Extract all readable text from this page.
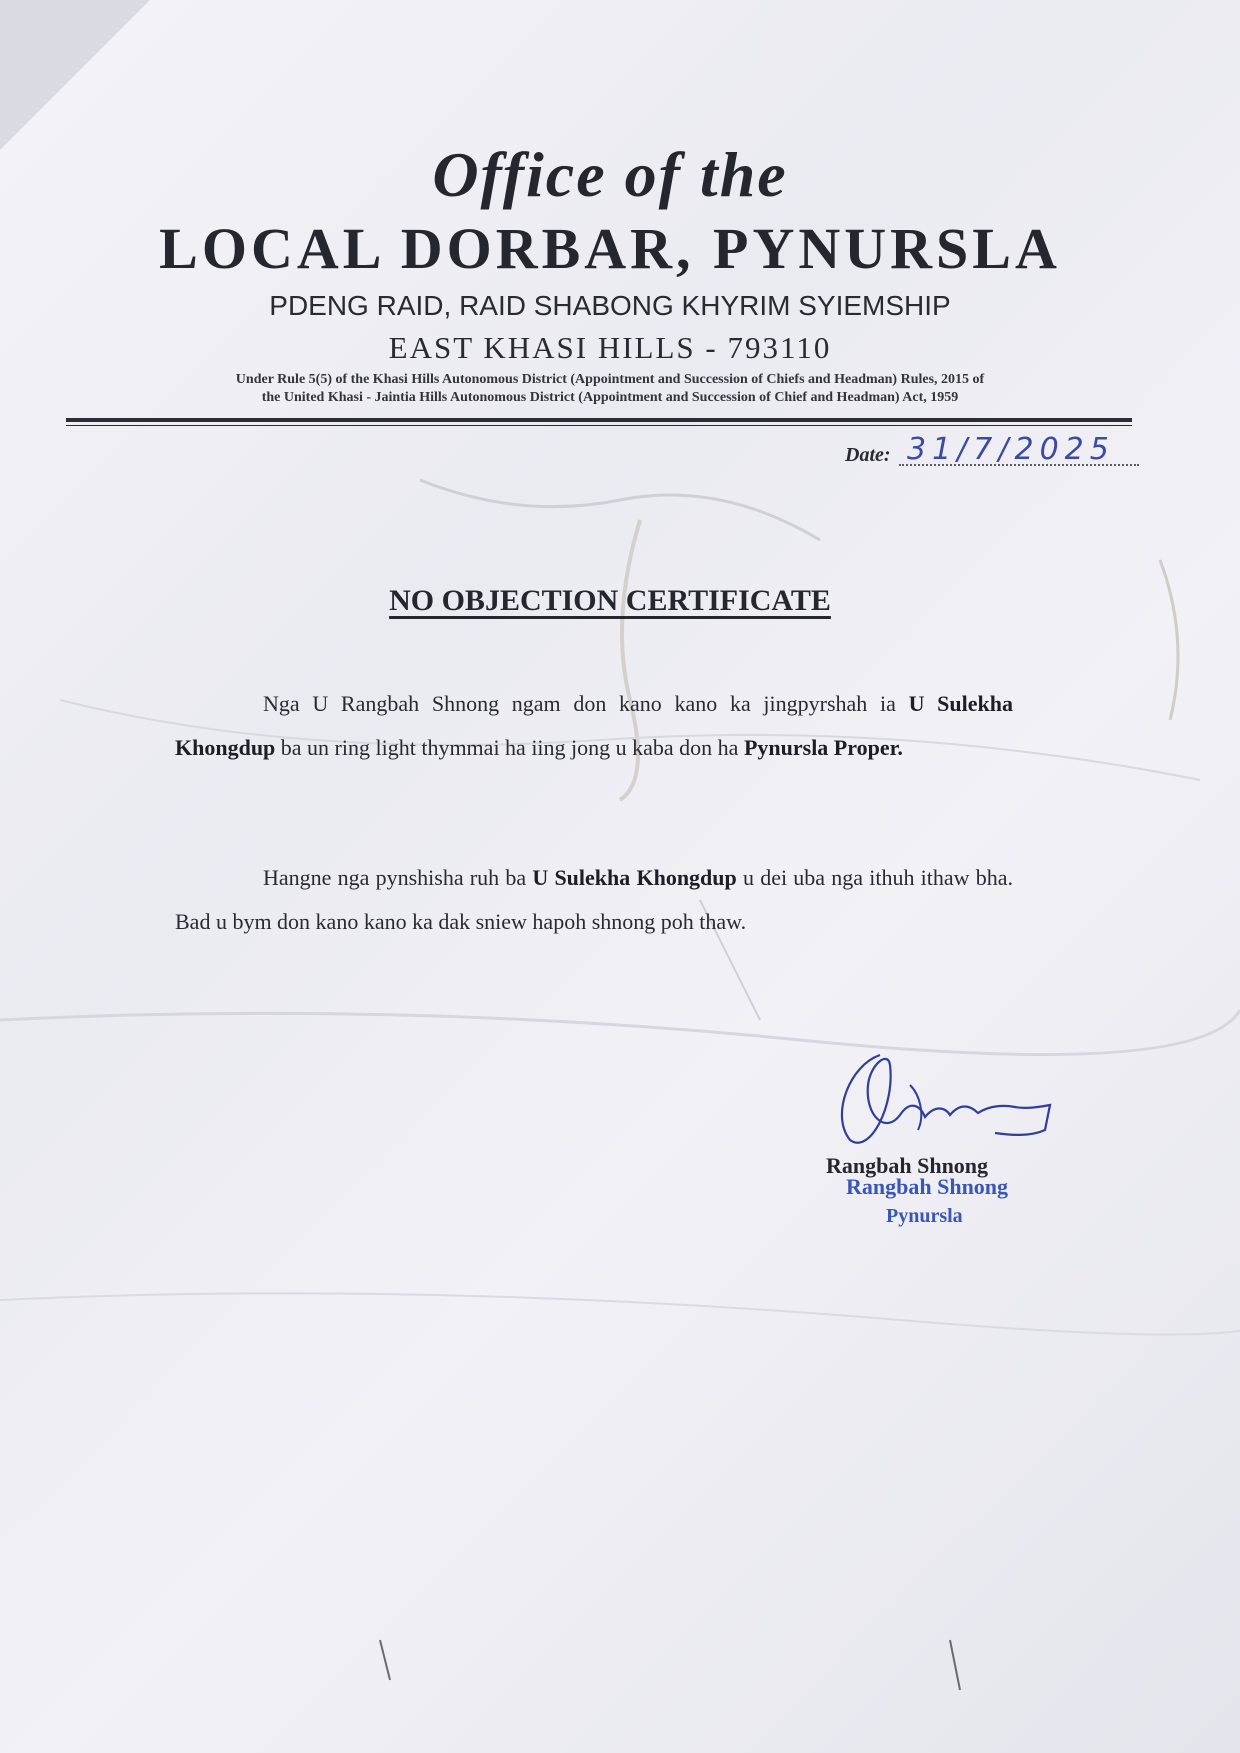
Office of the
LOCAL DORBAR, PYNURSLA
PDENG RAID, RAID SHABONG KHYRIM SYIEMSHIP
EAST KHASI HILLS - 793110
Under Rule 5(5) of the Khasi Hills Autonomous District (Appointment and Succession of Chiefs and Headman) Rules, 2015 of
the United Khasi - Jaintia Hills Autonomous District (Appointment and Succession of Chief and Headman) Act, 1959
Date: 31/7/2025
NO OBJECTION CERTIFICATE
Nga U Rangbah Shnong ngam don kano kano ka jingpyrshah ia U Sulekha Khongdup ba un ring light thymmai ha iing jong u kaba don ha Pynursla Proper.
Hangne nga pynshisha ruh ba U Sulekha Khongdup u dei uba nga ithuh ithaw bha. Bad u bym don kano kano ka dak sniew hapoh shnong poh thaw.
Rangbah Shnong
Rangbah Shnong
Pynursla
